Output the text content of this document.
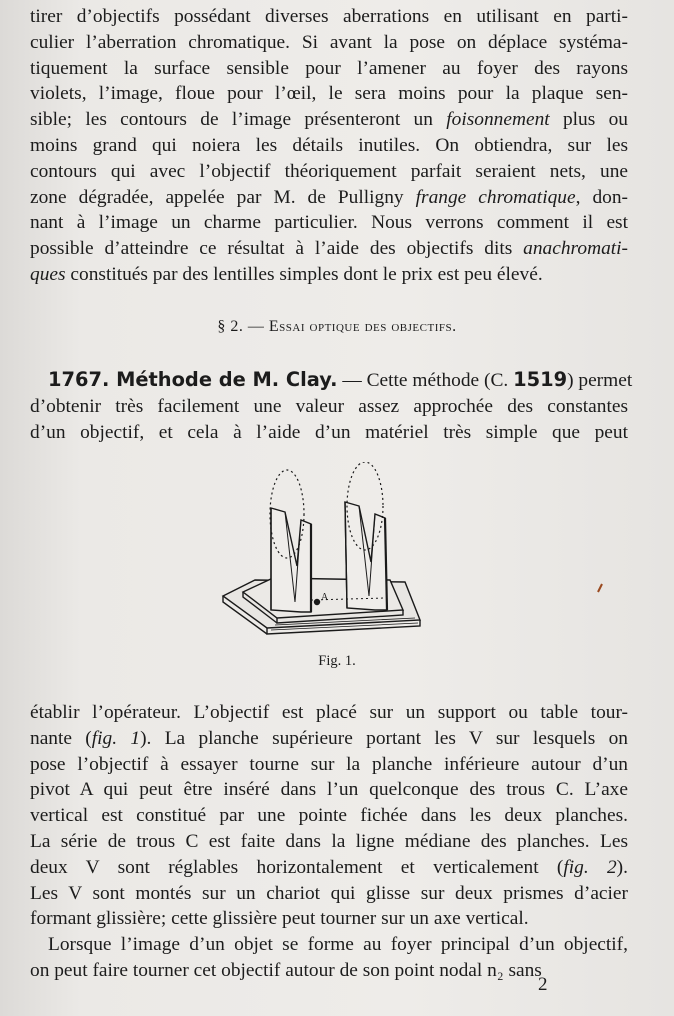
tirer d’objectifs possédant diverses aberrations en utilisant en parti-
culier l’aberration chromatique. Si avant la pose on déplace systéma-
tiquement la surface sensible pour l’amener au foyer des rayons
violets, l’image, floue pour l’œil, le sera moins pour la plaque sen-
sible; les contours de l’image présenteront un foisonnement plus ou
moins grand qui noiera les détails inutiles. On obtiendra, sur les
contours qui avec l’objectif théoriquement parfait seraient nets, une
zone dégradée, appelée par M. de Pulligny frange chromatique, don-
nant à l’image un charme particulier. Nous verrons comment il est
possible d’atteindre ce résultat à l’aide des objectifs dits anachromati-
ques constitués par des lentilles simples dont le prix est peu élevé.
§ 2. — Essai optique des objectifs.
1767. Méthode de M. Clay. — Cette méthode (C. 1519) permet
d’obtenir très facilement une valeur assez approchée des constantes
d’un objectif, et cela à l’aide d’un matériel très simple que peut
A
Fig. 1.
établir l’opérateur. L’objectif est placé sur un support ou table tour-
nante (fig. 1). La planche supérieure portant les V sur lesquels on
pose l’objectif à essayer tourne sur la planche inférieure autour d’un
pivot A qui peut être inséré dans l’un quelconque des trous C. L’axe
vertical est constitué par une pointe fichée dans les deux planches.
La série de trous C est faite dans la ligne médiane des planches. Les
deux V sont réglables horizontalement et verticalement (fig. 2).
Les V sont montés sur un chariot qui glisse sur deux prismes d’acier
formant glissière; cette glissière peut tourner sur un axe vertical.
Lorsque l’image d’un objet se forme au foyer principal d’un objectif,
on peut faire tourner cet objectif autour de son point nodal n₂ sans
2
